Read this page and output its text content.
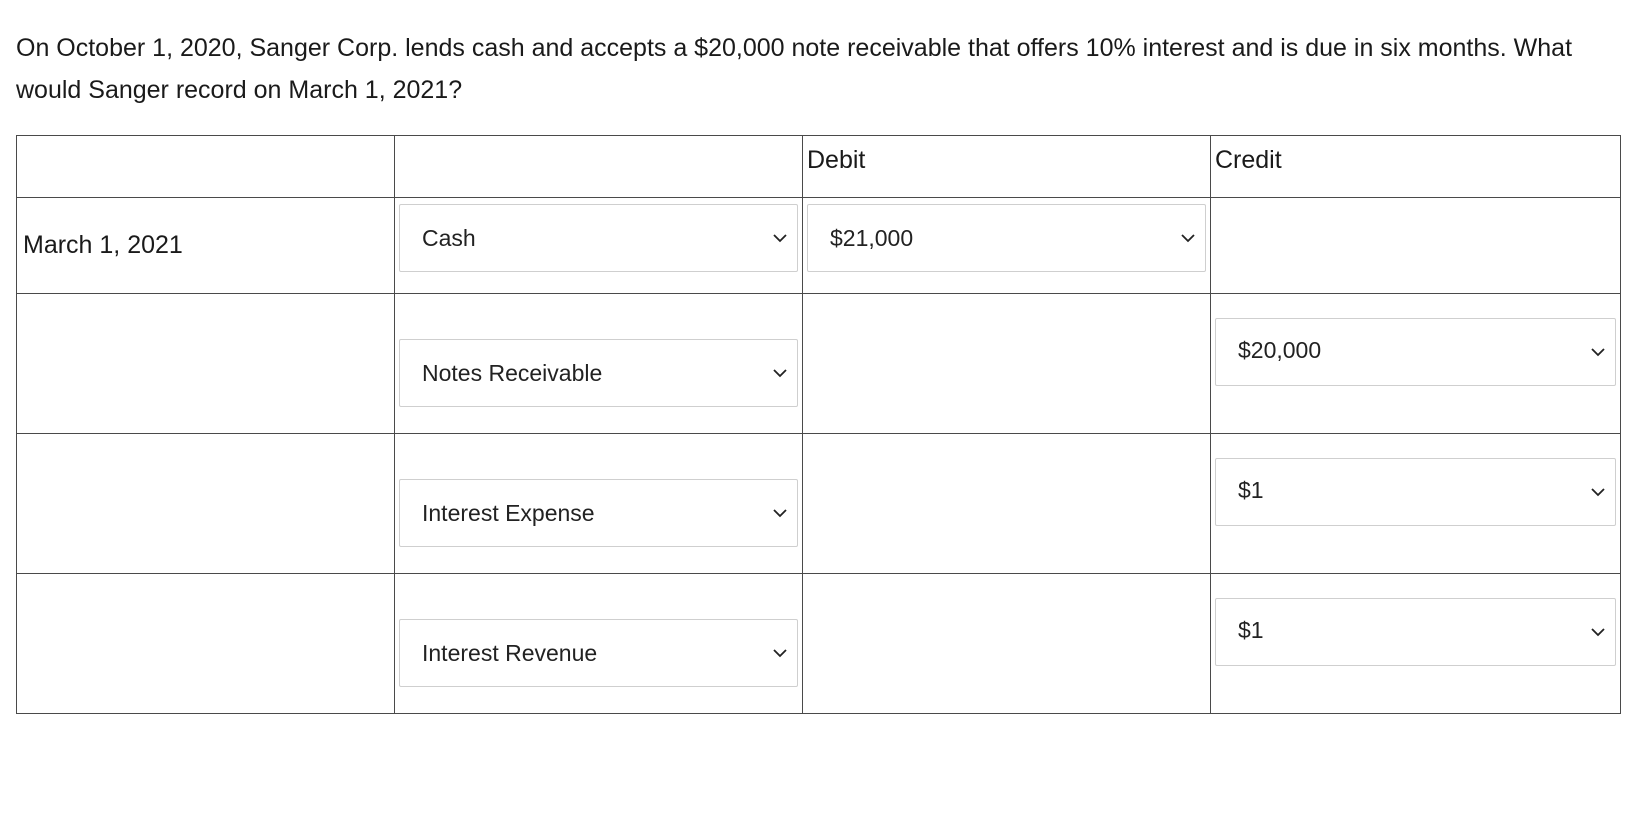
On October 1, 2020, Sanger Corp. lends cash and accepts a $20,000 note receivable that offers 10% interest and is due in six months. What would Sanger record on March 1, 2021?

		Debit	Credit
March 1, 2021	Cash	$21,000	

	Notes Receivable		$20,000

	Interest Expense		$1

	Interest Revenue		$1
